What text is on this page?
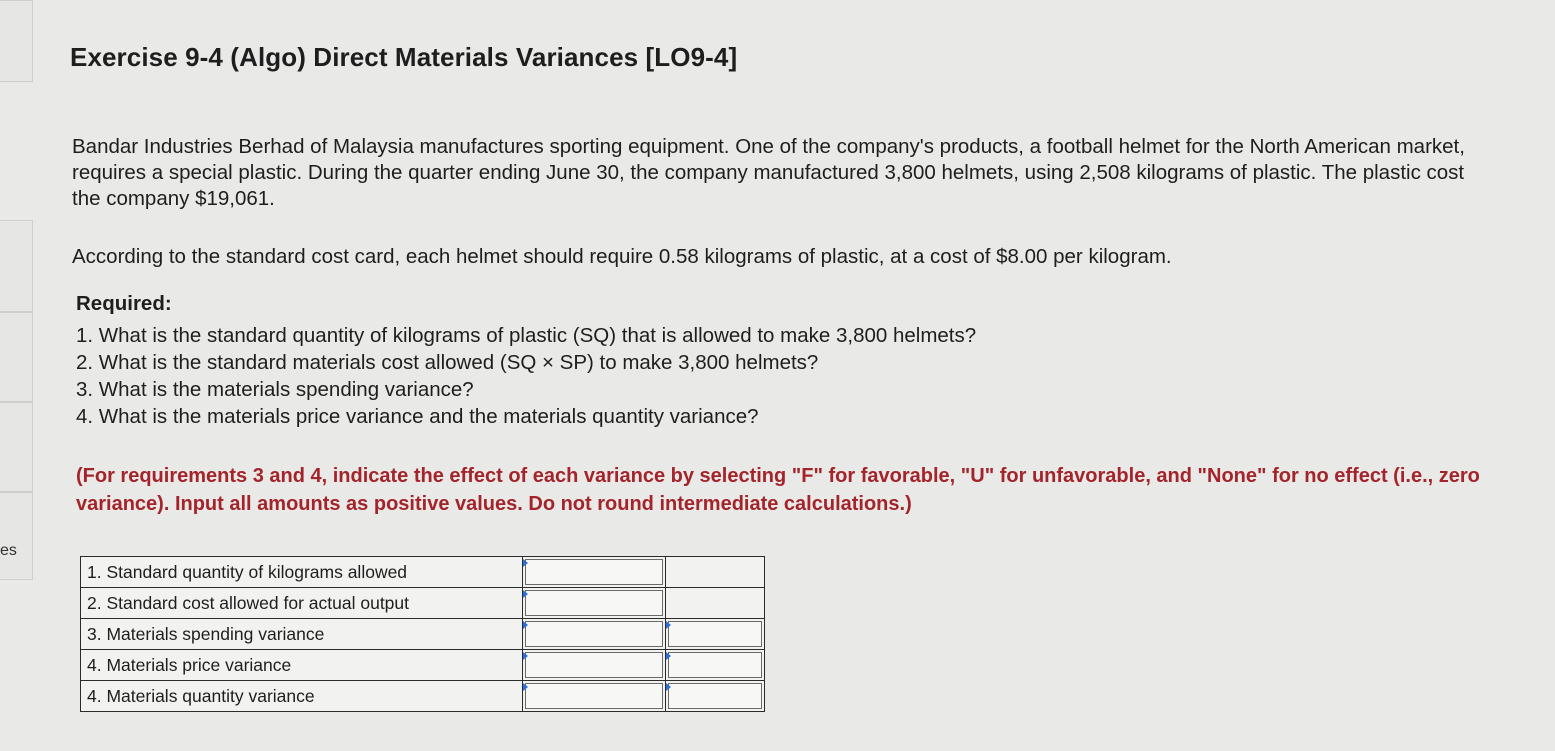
es
Exercise 9-4 (Algo) Direct Materials Variances [LO9-4]

Bandar Industries Berhad of Malaysia manufactures sporting equipment. One of the company's products, a football helmet for the North American market, requires a special plastic. During the quarter ending June 30, the company manufactured 3,800 helmets, using 2,508 kilograms of plastic. The plastic cost the company $19,061.

According to the standard cost card, each helmet should require 0.58 kilograms of plastic, at a cost of $8.00 per kilogram.

Required:
1. What is the standard quantity of kilograms of plastic (SQ) that is allowed to make 3,800 helmets?
2. What is the standard materials cost allowed (SQ × SP) to make 3,800 helmets?
3. What is the materials spending variance?
4. What is the materials price variance and the materials quantity variance?
(For requirements 3 and 4, indicate the effect of each variance by selecting "F" for favorable, "U" for unfavorable, and "None" for no effect (i.e., zero variance). Input all amounts as positive values. Do not round intermediate calculations.)
1. Standard quantity of kilograms allowed	

2. Standard cost allowed for actual output	

3. Materials spending variance	

4. Materials price variance	

4. Materials quantity variance	
